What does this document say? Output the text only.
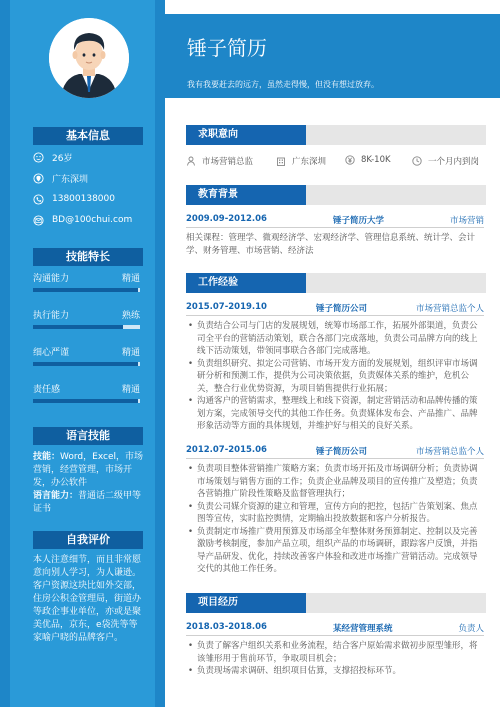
基本信息
26岁
广东深圳
13800138000
BD@100chui.com
技能特长
沟通能力	精通
执行能力	熟练
细心严谨	精通
责任感	精通
语言技能
技能：Word，Excel，市场营销，经营管理，市场开发，办公软件
语言能力：普通话二级甲等证书
自我评价
本人注意细节，而且非常愿意向别人学习，为人谦逊。客户资源这块比如外交部，住房公积金管理局，街道办等政企事业单位，亦或是聚美优品，京东，e袋洗等等家喻户晓的品牌客户。
锤子简历
我有我要赶去的远方，虽然走得慢，但没有想过放弃。
求职意向
市场营销总监	广东深圳	8K-10K	一个月内到岗
教育背景
2009.09-2012.06	锤子简历大学	市场营销
相关课程：管理学、微观经济学、宏观经济学、管理信息系统、统计学、会计学、财务管理、市场营销、经济法
工作经验
2015.07-2019.10	锤子简历公司	市场营销总监个人
• 负责结合公司与门店的发展规划，统筹市场部工作，拓展外部渠道，负责公司全平台的营销活动策划，联合各部门完成落地，负责公司品牌方向的线上线下活动策划，带领同事联合各部门完成落地。
• 负责组织研究、拟定公司营销、市场开发方面的发展规划，组织评审市场调研分析和预测工作，提供为公司决策依据，负责媒体关系的维护，危机公关，整合行业优势资源，为项目销售提供行业拓展；
• 沟通客户的营销需求，整理线上和线下资源，制定营销活动和品牌传播的策划方案，完成领导交代的其他工作任务。负责媒体发布会、产品推广、品牌形象活动等方面的具体规划，并维护好与相关的良好关系。
2012.07-2015.06	锤子简历公司	市场营销总监个人
• 负责项目整体营销推广策略方案；负责市场开拓及市场调研分析；负责协调市场策划与销售方面的工作；负责企业品牌及项目的宣传推广及塑造；负责各营销推广阶段性策略及监督管理执行；
• 负责公司媒介资源的建立和管理，宣传方向的把控，包括广告策划案、焦点图等宣传，实时监控舆情，定期输出投放数据和客户分析报告。
• 负责制定市场推广费用预算及市场部全年整体财务预算制定、控制以及完善激励考核制度，参加产品立项，组织产品的市场调研，跟踪客户反馈，并指导产品研发、优化，持续改善客户体验和改进市场推广营销活动。完成领导交代的其他工作任务。
项目经历
2018.03-2018.06	某经营管理系统	负责人
• 负责了解客户组织关系和业务流程，结合客户原始需求做初步原型雏形，将该雏形用于售前环节，争取项目机会；
• 负责现场需求调研、组织项目估算，支撑招投标环节。
